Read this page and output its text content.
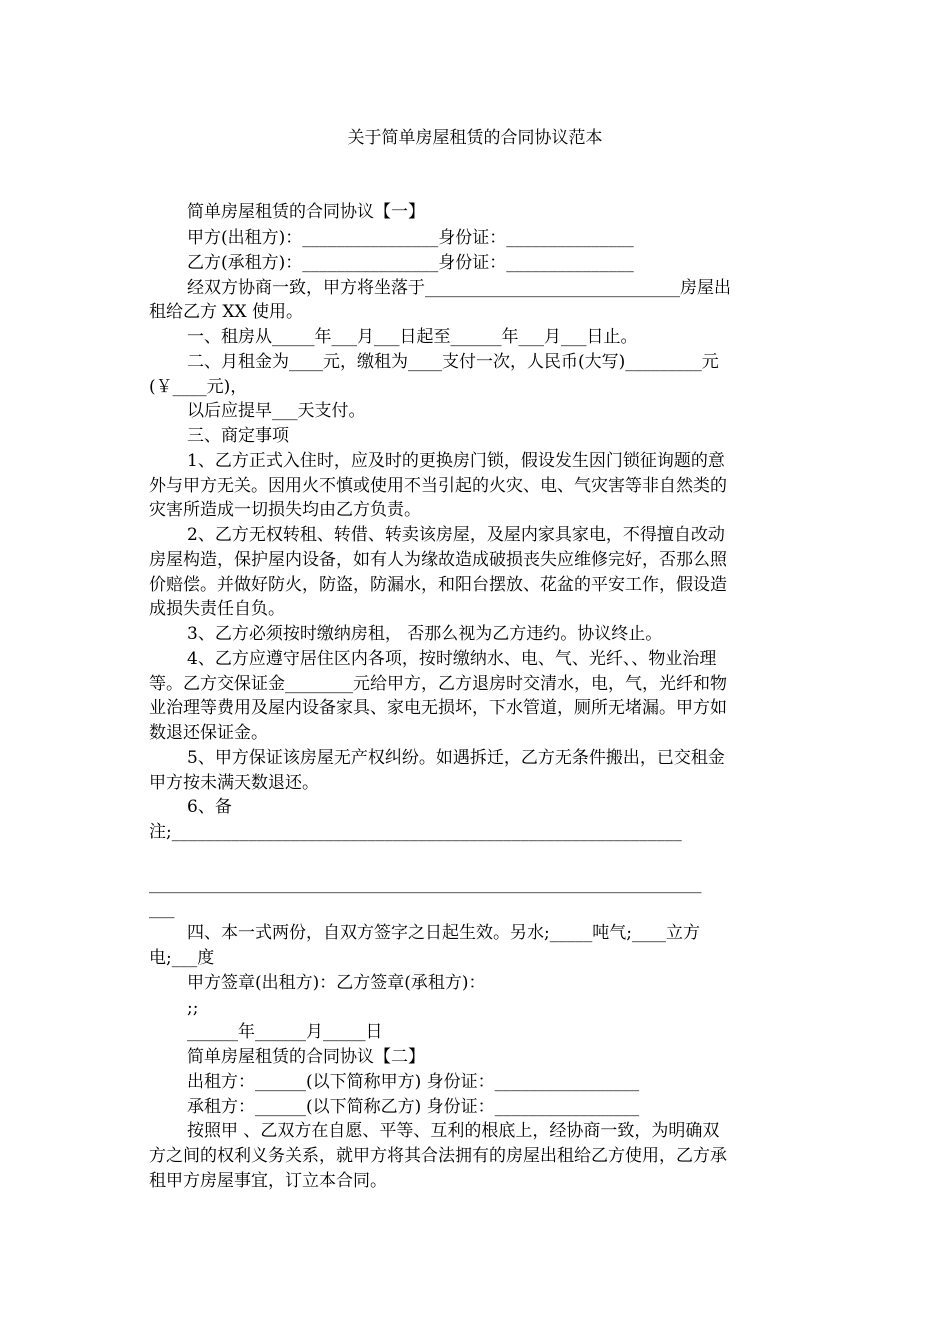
关于简单房屋租赁的合同协议范本
简单房屋租赁的合同协议【一】
甲方(出租方)：________________身份证：_______________
乙方(承租方)：________________身份证：_______________
经双方协商一致，甲方将坐落于______________________________房屋出
租给乙方 XX 使用。
一、租房从_____年___月___日起至______年___月___日止。
二、月租金为____元，缴租为____支付一次，人民币(大写)_________元
(￥____元)，
以后应提早___天支付。
三、商定事项
1、乙方正式入住时，应及时的更换房门锁，假设发生因门锁征询题的意
外与甲方无关。因用火不慎或使用不当引起的火灾、电、气灾害等非自然类的
灾害所造成一切损失均由乙方负责。
2、乙方无权转租、转借、转卖该房屋，及屋内家具家电，不得擅自改动
房屋构造，保护屋内设备，如有人为缘故造成破损丧失应维修完好，否那么照
价赔偿。并做好防火，防盗，防漏水，和阳台摆放、花盆的平安工作，假设造
成损失责任自负。
3、乙方必须按时缴纳房租， 否那么视为乙方违约。协议终止。
4、乙方应遵守居住区内各项，按时缴纳水、电、气、光纤、、物业治理
等。乙方交保证金________元给甲方，乙方退房时交清水，电，气，光纤和物
业治理等费用及屋内设备家具、家电无损坏，下水管道，厕所无堵漏。甲方如
数退还保证金。
5、甲方保证该房屋无产权纠纷。如遇拆迁，乙方无条件搬出，已交租金
甲方按未满天数退还。
6、备
注;____________________________________________________________
_________________________________________________________________
___
四、本一式两份，自双方签字之日起生效。另水;_____吨气;____立方
电;___度
甲方签章(出租方)：乙方签章(承租方)：
;;
______年______月_____日
简单房屋租赁的合同协议【二】
出租方：______(以下简称甲方) 身份证：_________________
承租方：______(以下简称乙方) 身份证：_________________
按照甲 、乙双方在自愿、平等、互利的根底上，经协商一致，为明确双
方之间的权利义务关系，就甲方将其合法拥有的房屋出租给乙方使用，乙方承
租甲方房屋事宜，订立本合同。
